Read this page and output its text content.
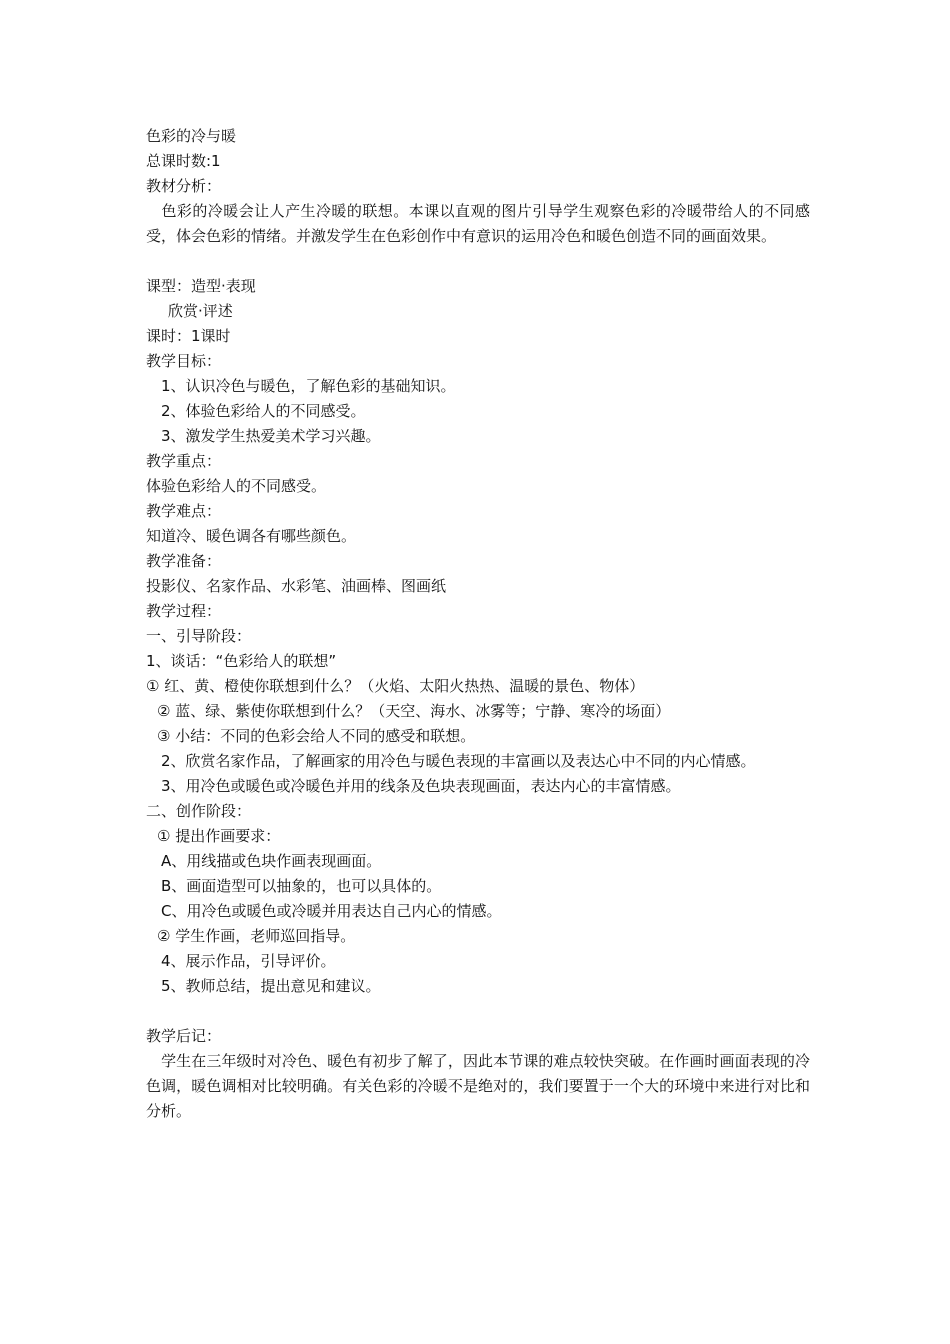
色彩的冷与暖
总课时数:1
教材分析：

　色彩的冷暖会让人产生冷暖的联想。本课以直观的图片引导学生观察色彩的冷暖带给人的不同感受，体会色彩的情绪。并激发学生在色彩创作中有意识的运用冷色和暖色创造不同的画面效果。

课型：造型·表现
欣赏·评述
课时：1课时
教学目标：
1、认识冷色与暖色，了解色彩的基础知识。
2、体验色彩给人的不同感受。
3、激发学生热爱美术学习兴趣。
教学重点：
体验色彩给人的不同感受。
教学难点：
知道冷、暖色调各有哪些颜色。
教学准备：
投影仪、名家作品、水彩笔、油画棒、图画纸
教学过程：
一、引导阶段：
1、谈话：“色彩给人的联想”
① 红、黄、橙使你联想到什么？（火焰、太阳火热热、温暖的景色、物体）
② 蓝、绿、紫使你联想到什么？（天空、海水、冰雾等；宁静、寒冷的场面）
③ 小结：不同的色彩会给人不同的感受和联想。
2、欣赏名家作品，了解画家的用冷色与暖色表现的丰富画以及表达心中不同的内心情感。
3、用冷色或暖色或冷暖色并用的线条及色块表现画面，表达内心的丰富情感。
二、创作阶段：
① 提出作画要求：
A、用线描或色块作画表现画面。
B、画面造型可以抽象的，也可以具体的。
C、用冷色或暖色或冷暖并用表达自己内心的情感。
② 学生作画，老师巡回指导。
4、展示作品，引导评价。
5、教师总结，提出意见和建议。
教学后记：

　学生在三年级时对冷色、暖色有初步了解了，因此本节课的难点较快突破。在作画时画面表现的冷色调，暖色调相对比较明确。有关色彩的冷暖不是绝对的，我们要置于一个大的环境中来进行对比和分析。
